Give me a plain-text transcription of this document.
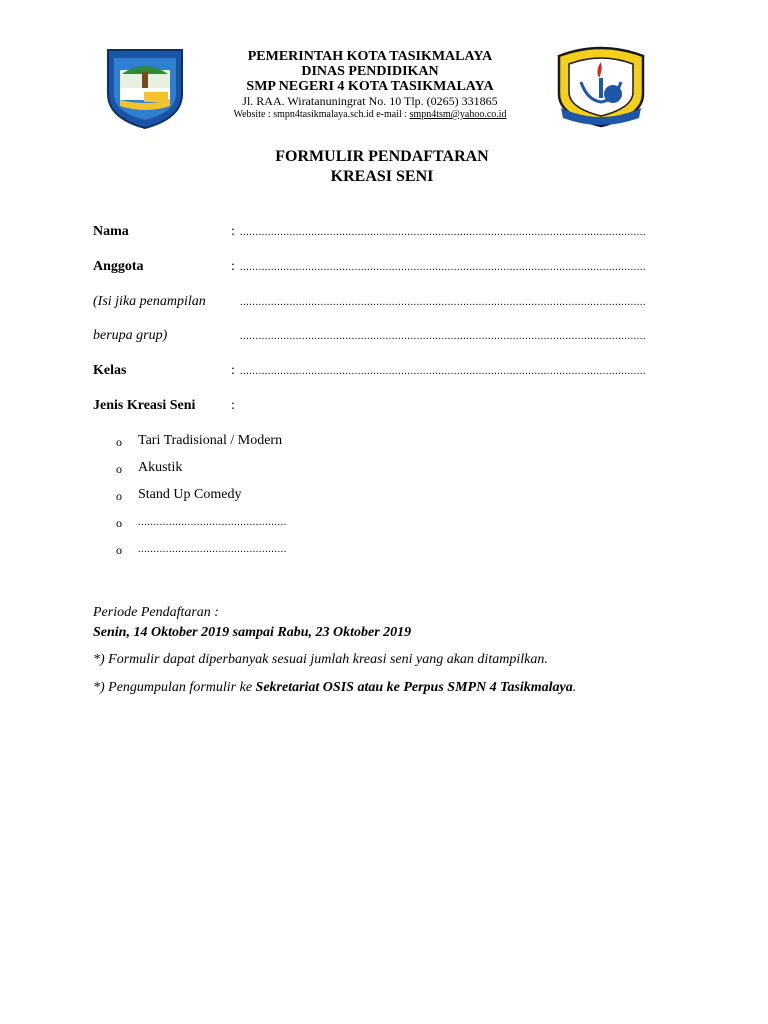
PEMERINTAH KOTA TASIKMALAYA
DINAS PENDIDIKAN
SMP NEGERI 4 KOTA TASIKMALAYA
Jl. RAA. Wiratanuningrat No. 10 Tlp. (0265) 331865
Website : smpn4tasikmalaya.sch.id e-mail : smpn4tsm@yahoo.co.id
FORMULIR PENDAFTARAN
KREASI SENI
Nama	: ...................................................................................................................................
Anggota	: ...................................................................................................................................
(Isi jika penampilan	...................................................................................................................................
berupa grup)	...................................................................................................................................
Kelas	: ...................................................................................................................................
Jenis Kreasi Seni	:
o Tari Tradisional / Modern
o Akustik
o Stand Up Comedy
o ................................................
o ................................................
Periode Pendaftaran :
Senin, 14 Oktober 2019 sampai Rabu, 23 Oktober 2019
*) Formulir dapat diperbanyak sesuai jumlah kreasi seni yang akan ditampilkan.
*) Pengumpulan formulir ke Sekretariat OSIS atau ke Perpus SMPN 4 Tasikmalaya.
